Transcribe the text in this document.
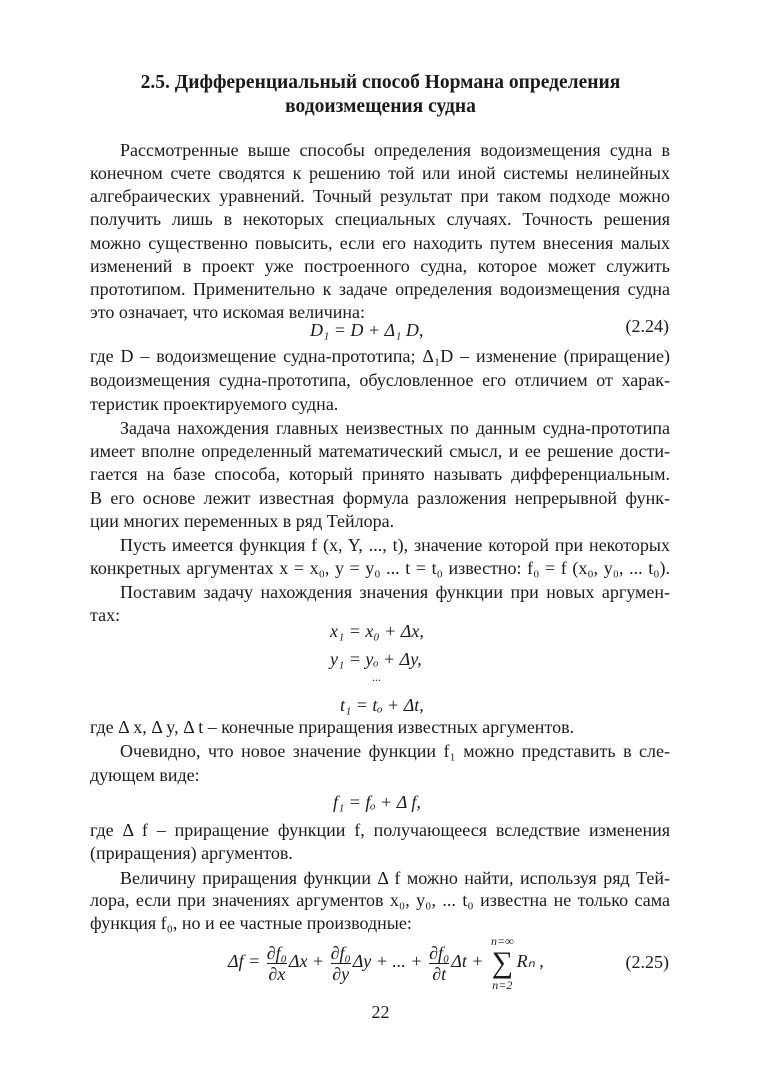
2.5. Дифференциальный способ Нормана определения
водоизмещения судна
Рассмотренные выше способы определения водоизмещения судна в
конечном счете сводятся к решению той или иной системы нелинейных
алгебраических уравнений. Точный результат при таком подходе можно
получить лишь в некоторых специальных случаях. Точность решения
можно существенно повысить, если его находить путем внесения малых
изменений в проект уже построенного судна, которое может служить
прототипом. Применительно к задаче определения водоизмещения судна
это означает, что искомая величина:
где D – водоизмещение судна-прототипа; Δ₁D – изменение (приращение)
водоизмещения судна-прототипа, обусловленное его отличием от харак-
теристик проектируемого судна.
Задача нахождения главных неизвестных по данным судна-прототипа
имеет вполне определенный математический смысл, и ее решение дости-
гается на базе способа, который принято называть дифференциальным.
В его основе лежит известная формула разложения непрерывной функ-
ции многих переменных в ряд Тейлора.
Пусть имеется функция f (x, Y, ..., t), значение которой при некоторых
конкретных аргументах x = x₀, y = y₀ ... t = t₀ известно: f₀ = f (x₀, y₀, ... t₀).
Поставим задачу нахождения значения функции при новых аргумен-
тах:
где Δ x, Δ y, Δ t – конечные приращения известных аргументов.
Очевидно, что новое значение функции f₁ можно представить в сле-
дующем виде:
где Δ f – приращение функции f, получающееся вследствие изменения
(приращения) аргументов.
Величину приращения функции Δ f можно найти, используя ряд Тей-
лора, если при значениях аргументов x₀, y₀, ... t₀ известна не только сама
функция f₀, но и ее частные производные:
D₁ = D + Δ₁ D,	(2.24)
x₁ = x₀ + Δx,
y₁ = yₒ + Δy,
...
t₁ = tₒ + Δt,
f₁ = fₒ + Δ f,
$\Delta f = \frac{\text{∂f₀}}{\partial x}$ $\Delta x + \frac{\text{∂f₀}}{\partial y}$ Δy + ... + $\frac{\text{∂f₀}}{\partial t}$ Δt +
n=∞
∑
n=2
Rₙ ,	(2.25)
22
